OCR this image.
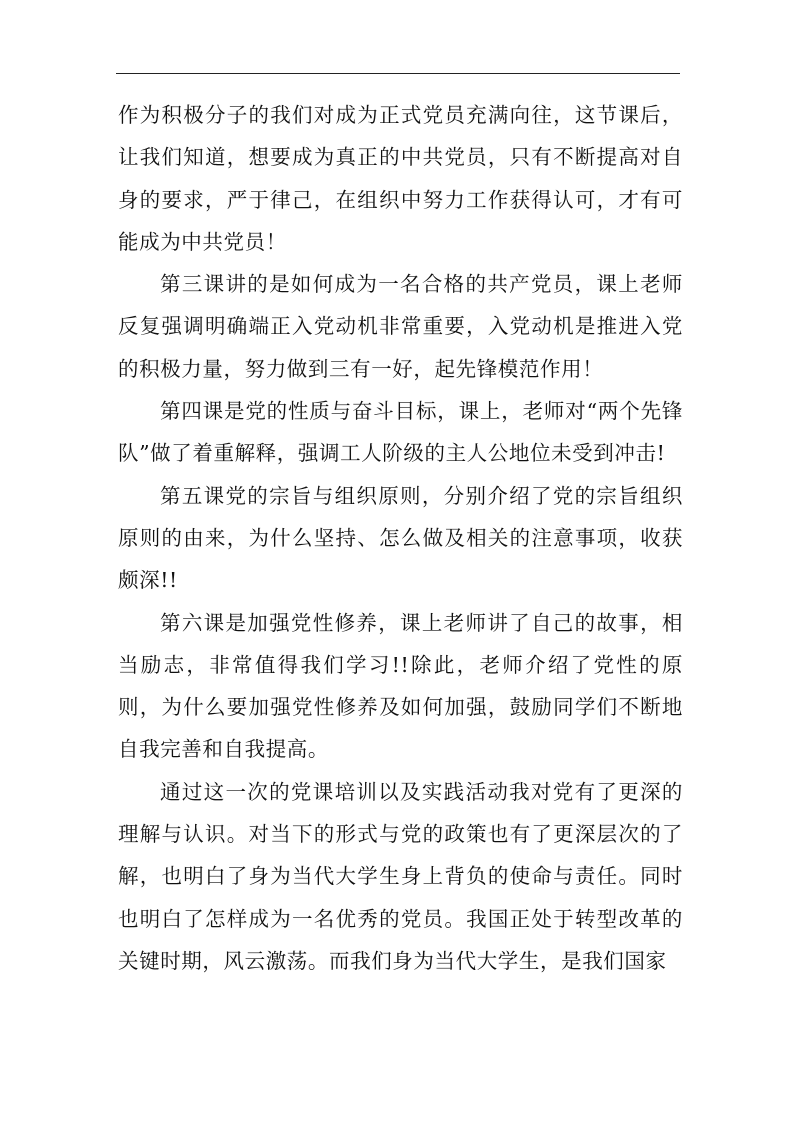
作为积极分子的我们对成为正式党员充满向往，这节课后，让我们知道，想要成为真正的中共党员，只有不断提高对自身的要求，严于律己，在组织中努力工作获得认可，才有可能成为中共党员！

第三课讲的是如何成为一名合格的共产党员，课上老师反复强调明确端正入党动机非常重要，入党动机是推进入党的积极力量，努力做到三有一好，起先锋模范作用！

第四课是党的性质与奋斗目标，课上，老师对“两个先锋队”做了着重解释，强调工人阶级的主人公地位未受到冲击!

第五课党的宗旨与组织原则，分别介绍了党的宗旨组织原则的由来，为什么坚持、怎么做及相关的注意事项，收获颇深!!

第六课是加强党性修养，课上老师讲了自己的故事，相当励志，非常值得我们学习!!除此，老师介绍了党性的原则，为什么要加强党性修养及如何加强，鼓励同学们不断地自我完善和自我提高。

通过这一次的党课培训以及实践活动我对党有了更深的理解与认识。对当下的形式与党的政策也有了更深层次的了解，也明白了身为当代大学生身上背负的使命与责任。同时也明白了怎样成为一名优秀的党员。我国正处于转型改革的关键时期，风云激荡。而我们身为当代大学生，是我们国家
